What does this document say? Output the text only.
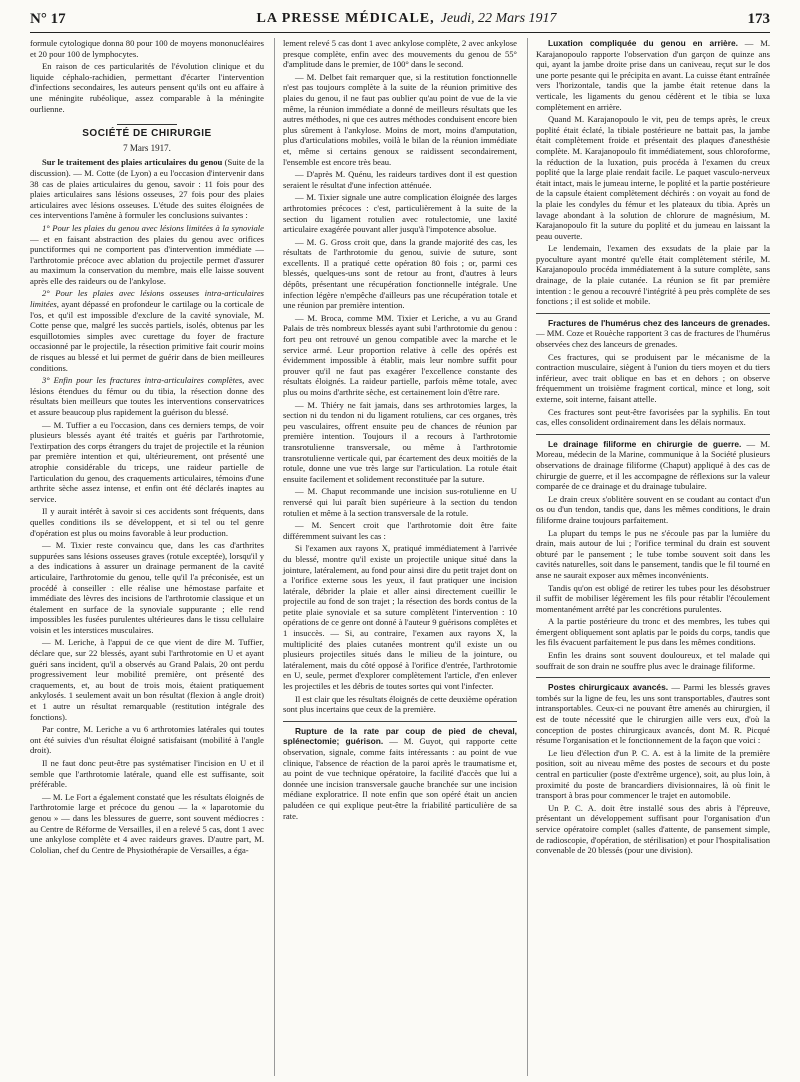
N° 17	LA PRESSE MÉDICALE, Jeudi, 22 Mars 1917	173

formule cytologique donna 80 pour 100 de moyens mononucléaires et 20 pour 100 de lymphocytes.

En raison de ces particularités de l'évolution clinique et du liquide céphalo-rachidien, permettant d'écarter l'intervention d'infections secondaires, les auteurs pensent qu'ils ont eu affaire à une méningite rubéolique, assez comparable à la méningite ourlienne.

SOCIÉTÉ DE CHIRURGIE
7 Mars 1917.

Sur le traitement des plaies articulaires du genou (Suite de la discussion). — M. Cotte (de Lyon) a eu l'occasion d'intervenir dans 38 cas de plaies articulaires du genou, savoir : 11 fois pour des plaies articulaires sans lésions osseuses, 27 fois pour des plaies articulaires avec lésions osseuses. L'étude des suites éloignées de ces interventions l'amène à formuler les conclusions suivantes :

1° Pour les plaies du genou avec lésions limitées à la synoviale — et en faisant abstraction des plaies du genou avec orifices punctiformes qui ne comportent pas d'intervention immédiate — l'arthrotomie précoce avec ablation du projectile permet d'assurer au maximum la conservation du membre, mais elle laisse souvent après elle des raideurs ou de l'ankylose.

2° Pour les plaies avec lésions osseuses intra-articulaires limitées, ayant dépassé en profondeur le cartilage ou la corticale de l'os, et qu'il est impossible d'exclure de la cavité synoviale, M. Cotte pense que, malgré les succès partiels, isolés, obtenus par les esquillotomies simples avec curettage du foyer de fracture occasionné par le projectile, la résection primitive fait courir moins de risques au blessé et lui permet de guérir dans de bien meilleures conditions.

3° Enfin pour les fractures intra-articulaires complètes, avec lésions étendues du fémur ou du tibia, la résection donne des résultats bien meilleurs que toutes les interventions conservatrices et assure beaucoup plus rapidement la guérison du blessé.

— M. Tuffier a eu l'occasion, dans ces derniers temps, de voir plusieurs blessés ayant été traités et guéris par l'arthrotomie, l'extirpation des corps étrangers du trajet de projectile et la réunion par première intention et qui, ultérieurement, ont présenté une atrophie considérable du triceps, une raideur partielle de l'articulation du genou, des craquements articulaires, témoins d'une arthrite sèche assez intense, et enfin ont été déclarés inaptes au service.

Il y aurait intérêt à savoir si ces accidents sont fréquents, dans quelles conditions ils se développent, et si tel ou tel genre d'opération est plus ou moins favorable à leur production.

— M. Tixier reste convaincu que, dans les cas d'arthrites suppurées sans lésions osseuses graves (rotule exceptée), lorsqu'il y a des indications à assurer un drainage permanent de la cavité articulaire, l'arthrotomie du genou, telle qu'il l'a préconisée, est un procédé à conseiller : elle réalise une hémostase parfaite et immédiate des lèvres des incisions de l'arthrotomie classique et un étalement en surface de la synoviale suppurante ; elle rend impossibles les fusées purulentes ultérieures dans le tissu cellulaire voisin et les interstices musculaires.

— M. Leriche, à l'appui de ce que vient de dire M. Tuffier, déclare que, sur 22 blessés, ayant subi l'arthrotomie en U et ayant guéri sans incident, qu'il a observés au Grand Palais, 20 ont perdu progressivement leur mobilité première, ont présenté des craquements, et, au bout de trois mois, étaient pratiquement ankylosés. 1 seulement avait un bon résultat (flexion à angle droit) et 1 autre un résultat remarquable (restitution intégrale des fonctions).

Par contre, M. Leriche a vu 6 arthrotomies latérales qui toutes ont été suivies d'un résultat éloigné satisfaisant (mobilité à l'angle droit).

Il ne faut donc peut-être pas systématiser l'incision en U et il semble que l'arthrotomie latérale, quand elle est suffisante, soit préférable.

— M. Le Fort a également constaté que les résultats éloignés de l'arthrotomie large et précoce du genou — la « laparotomie du genou » — dans les blessures de guerre, sont souvent médiocres : au Centre de Réforme de Versailles, il en a relevé 5 cas, dont 1 avec une ankylose complète et 4 avec raideurs graves. D'autre part, M. Cololian, chef du Centre de Physiothérapie de Versailles, a éga-

lement relevé 5 cas dont 1 avec ankylose complète, 2 avec ankylose presque complète, enfin avec des mouvements du genou de 55° d'amplitude dans le premier, de 100° dans le second.

— M. Delbet fait remarquer que, si la restitution fonctionnelle n'est pas toujours complète à la suite de la réunion primitive des plaies du genou, il ne faut pas oublier qu'au point de vue de la vie même, la réunion immédiate a donné de meilleurs résultats que les autres méthodes, ni que ces autres méthodes conduisent encore bien plus sûrement à l'ankylose. Moins de mort, moins d'amputation, plus d'articulations mobiles, voilà le bilan de la réunion immédiate et, même si certains genoux se raidissent secondairement, l'ensemble est encore très beau.

— D'après M. Quénu, les raideurs tardives dont il est question seraient le résultat d'une infection atténuée.

— M. Tixier signale une autre complication éloignée des larges arthrotomies précoces : c'est, particulièrement à la suite de la section du ligament rotulien avec rotulectomie, une laxité articulaire exagérée pouvant aller jusqu'à l'impotence absolue.

— M. G. Gross croit que, dans la grande majorité des cas, les résultats de l'arthrotomie du genou, suivie de suture, sont excellents. Il a pratiqué cette opération 80 fois ; or, parmi ces blessés, quelques-uns sont de retour au front, d'autres à leurs dépôts, présentant une récupération fonctionnelle intégrale. Une infection légère n'empêche d'ailleurs pas une récupération totale et une réunion par première intention.

— M. Broca, comme MM. Tixier et Leriche, a vu au Grand Palais de très nombreux blessés ayant subi l'arthrotomie du genou : fort peu ont retrouvé un genou compatible avec la marche et le service armé. Leur proportion relative à celle des opérés est évidemment impossible à établir, mais leur nombre suffit pour prouver qu'il ne faut pas exagérer l'excellence constante des résultats éloignés. La raideur partielle, parfois même totale, avec plus ou moins d'arthrite sèche, est certainement loin d'être rare.

— M. Thiéry ne fait jamais, dans ses arthrotomies larges, la section ni du tendon ni du ligament rotuliens, car ces organes, très peu vasculaires, offrent ensuite peu de chances de réunion par première intention. Toujours il a recours à l'arthrotomie transrotulienne transversale, ou même à l'arthrotomie transrotulienne verticale qui, par écartement des deux moitiés de la rotule, donne une vue très large sur l'articulation. La rotule était ensuite facilement et solidement reconstituée par la suture.

— M. Chaput recommande une incision sus-rotulienne en U renversé qui lui paraît bien supérieure à la section du tendon rotulien et même à la section transversale de la rotule.

— M. Sencert croit que l'arthrotomie doit être faite différemment suivant les cas :

Si l'examen aux rayons X, pratiqué immédiatement à l'arrivée du blessé, montre qu'il existe un projectile unique situé dans la jointure, latéralement, au fond pour ainsi dire du petit trajet dont on a l'orifice externe sous les yeux, il faut pratiquer une incision latérale, débrider la plaie et aller ainsi directement cueillir le projectile au fond de son trajet ; la résection des bords contus de la petite plaie synoviale et sa suture complètent l'intervention : 10 opérations de ce genre ont donné à l'auteur 9 guérisons complètes et 1 insuccès. — Si, au contraire, l'examen aux rayons X, la multiplicité des plaies cutanées montrent qu'il existe un ou plusieurs projectiles situés dans le milieu de la jointure, ou latéralement, mais du côté opposé à l'orifice d'entrée, l'arthrotomie en U, seule, permet d'explorer complètement l'article, d'en enlever les projectiles et les débris de toutes sortes qui vont l'infecter.

Il est clair que les résultats éloignés de cette deuxième opération sont plus incertains que ceux de la première.

Rupture de la rate par coup de pied de cheval, splénectomie; guérison. — M. Guyot, qui rapporte cette observation, signale, comme faits intéressants : au point de vue clinique, l'absence de réaction de la paroi après le traumatisme et, au point de vue technique opératoire, la facilité d'accès que lui a donnée une incision transversale gauche branchée sur une incision médiane exploratrice. Il note enfin que son opéré était un ancien paludéen ce qui explique peut-être la friabilité particulière de sa rate.

Luxation compliquée du genou en arrière. — M. Karajanopoulo rapporte l'observation d'un garçon de quinze ans qui, ayant la jambe droite prise dans un caniveau, reçut sur le dos une porte pesante qui le précipita en avant. La cuisse étant entraînée vers l'horizontale, tandis que la jambe était retenue dans la verticale, les ligaments du genou cédèrent et le tibia se luxa complètement en arrière.

Quand M. Karajanopoulo le vit, peu de temps après, le creux poplité était éclaté, la tibiale postérieure ne battait pas, la jambe était complètement froide et présentait des plaques d'anesthésie complète. M. Karajanopoulo fit immédiatement, sous chloroforme, la réduction de la luxation, puis procéda à l'examen du creux poplité que la large plaie rendait facile. Le paquet vasculo-nerveux était intact, mais le jumeau interne, le poplité et la partie postérieure de la capsule étaient complètement déchirés : on voyait au fond de la plaie les condyles du fémur et les plateaux du tibia. Après un lavage abondant à la solution de chlorure de magnésium, M. Karajanopoulo fit la suture du poplité et du jumeau en laissant la peau ouverte.

Le lendemain, l'examen des exsudats de la plaie par la pyoculture ayant montré qu'elle était complètement stérile, M. Karajanopoulo procéda immédiatement à la suture complète, sans drainage, de la plaie cutanée. La réunion se fit par première intention : le genou a recouvré l'intégrité à peu près complète de ses fonctions ; il est solide et mobile.

Fractures de l'humérus chez des lanceurs de grenades. — MM. Coze et Rouèche rapportent 3 cas de fractures de l'humérus observées chez des lanceurs de grenades.

Ces fractures, qui se produisent par le mécanisme de la contraction musculaire, siègent à l'union du tiers moyen et du tiers inférieur, avec trait oblique en bas et en dehors ; on observe fréquemment un troisième fragment cortical, mince et long, soit externe, soit interne, faisant attelle.

Ces fractures sont peut-être favorisées par la syphilis. En tout cas, elles consolident ordinairement dans les délais normaux.

Le drainage filiforme en chirurgie de guerre. — M. Moreau, médecin de la Marine, communique à la Société plusieurs observations de drainage filiforme (Chaput) appliqué à des cas de chirurgie de guerre, et il les accompagne de réflexions sur la valeur comparée de ce drainage et du drainage tubulaire.

Le drain creux s'oblitère souvent en se coudant au contact d'un os ou d'un tendon, tandis que, dans les mêmes conditions, le drain filiforme draine toujours parfaitement.

La plupart du temps le pus ne s'écoule pas par la lumière du drain, mais autour de lui ; l'orifice terminal du drain est souvent obturé par le pansement ; le tube tombe souvent soit dans les cavités naturelles, soit dans le pansement, tandis que le fil tourné en anse ne saurait exposer aux mêmes inconvénients.

Tandis qu'on est obligé de retirer les tubes pour les désobstruer il suffit de mobiliser légèrement les fils pour rétablir l'écoulement momentanément arrêté par les concrétions purulentes.

A la partie postérieure du tronc et des membres, les tubes qui émergent obliquement sont aplatis par le poids du corps, tandis que les fils évacuent parfaitement le pus dans les mêmes conditions.

Enfin les drains sont souvent douloureux, et tel malade qui souffrait de son drain ne souffre plus avec le drainage filiforme.

Postes chirurgicaux avancés. — Parmi les blessés graves tombés sur la ligne de feu, les uns sont transportables, d'autres sont intransportables. Ceux-ci ne pouvant être amenés au chirurgien, il est de toute nécessité que le chirurgien aille vers eux, d'où la conception de postes chirurgicaux avancés, dont M. R. Picqué résume l'organisation et le fonctionnement de la façon que voici :

Le lieu d'élection d'un P. C. A. est à la limite de la première position, soit au niveau même des postes de secours et du poste central en particulier (poste d'extrême urgence), soit, au plus loin, à proximité du poste de brancardiers divisionnaires, là où finit le transport à bras pour commencer le trajet en automobile.

Un P. C. A. doit être installé sous des abris à l'épreuve, présentant un développement suffisant pour l'organisation d'un service opératoire complet (salles d'attente, de pansement simple, de radioscopie, d'opération, de stérilisation) et pour l'hospitalisation convenable de 20 blessés (pour une division).
